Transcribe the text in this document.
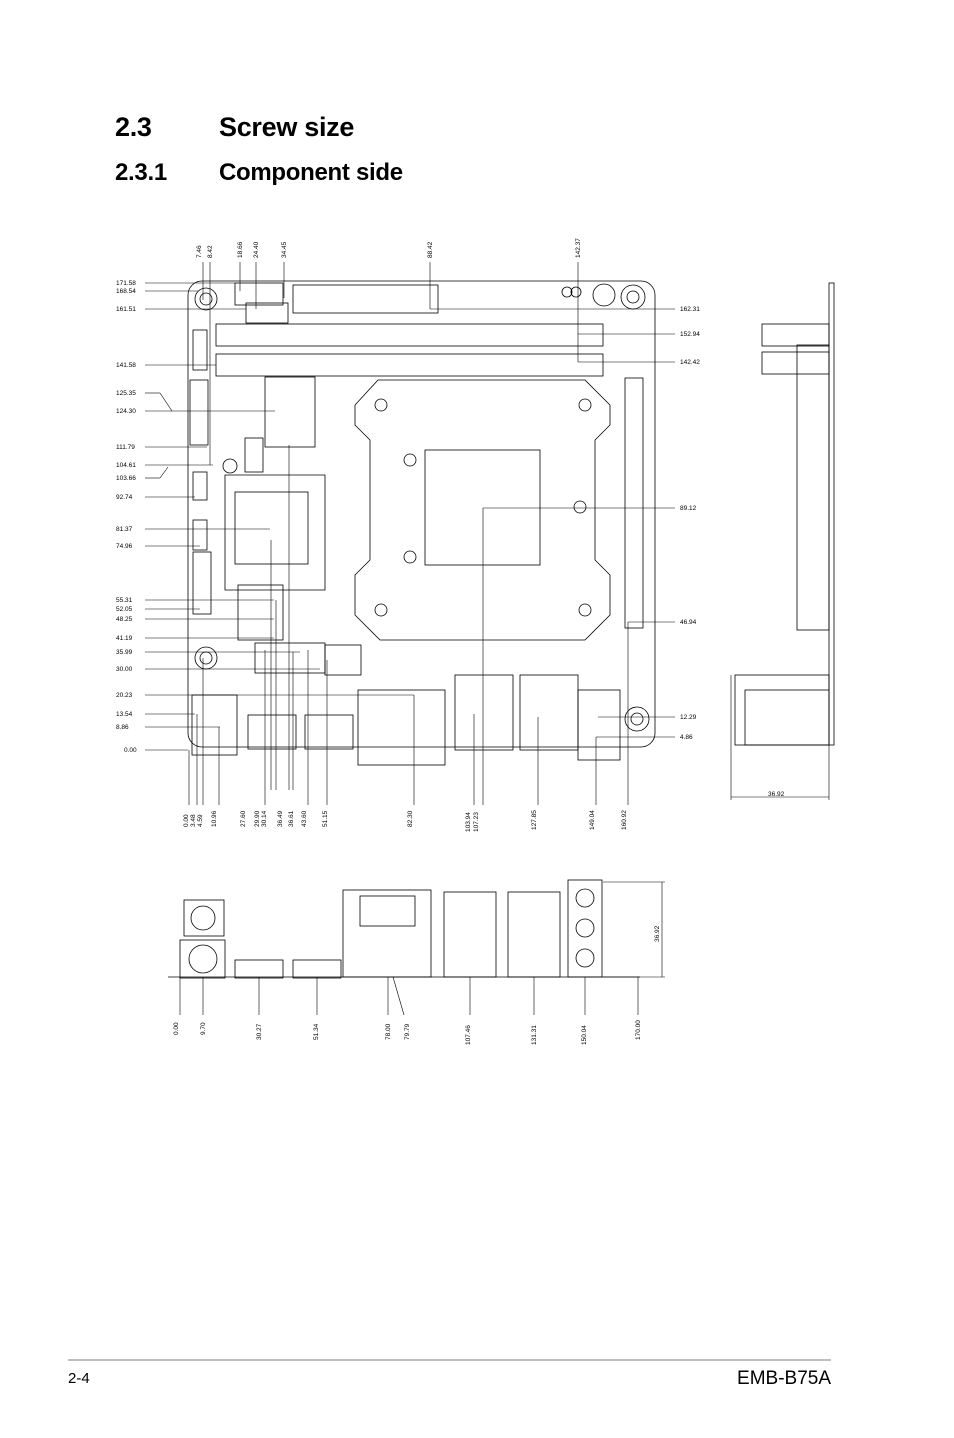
2.3 Screw size
2.3.1 Component side
171.58
168.54
161.51
141.58
125.35
124.30
111.79
104.61
103.66
92.74
81.37
74.96
55.31
52.05
48.25
41.19
35.99
30.00
20.23
13.54
8.86
0.00
162.31
152.94
142.42
89.12
46.94
12.29
4.86
7.46 8.42	18.66 24.40	34.45	88.42	142.37
0.00 3.48 4.59 10.96	27.60 29.90 30.14 36.49 36.61 43.60 51.15	82.30	103.94 107.23	127.85	149.04	160.92
36.92
0.00	9.70	30.27	51.34	78.00 79.79	107.46	131.31	150.04	170.00
36.92
2-4	EMB-B75A
